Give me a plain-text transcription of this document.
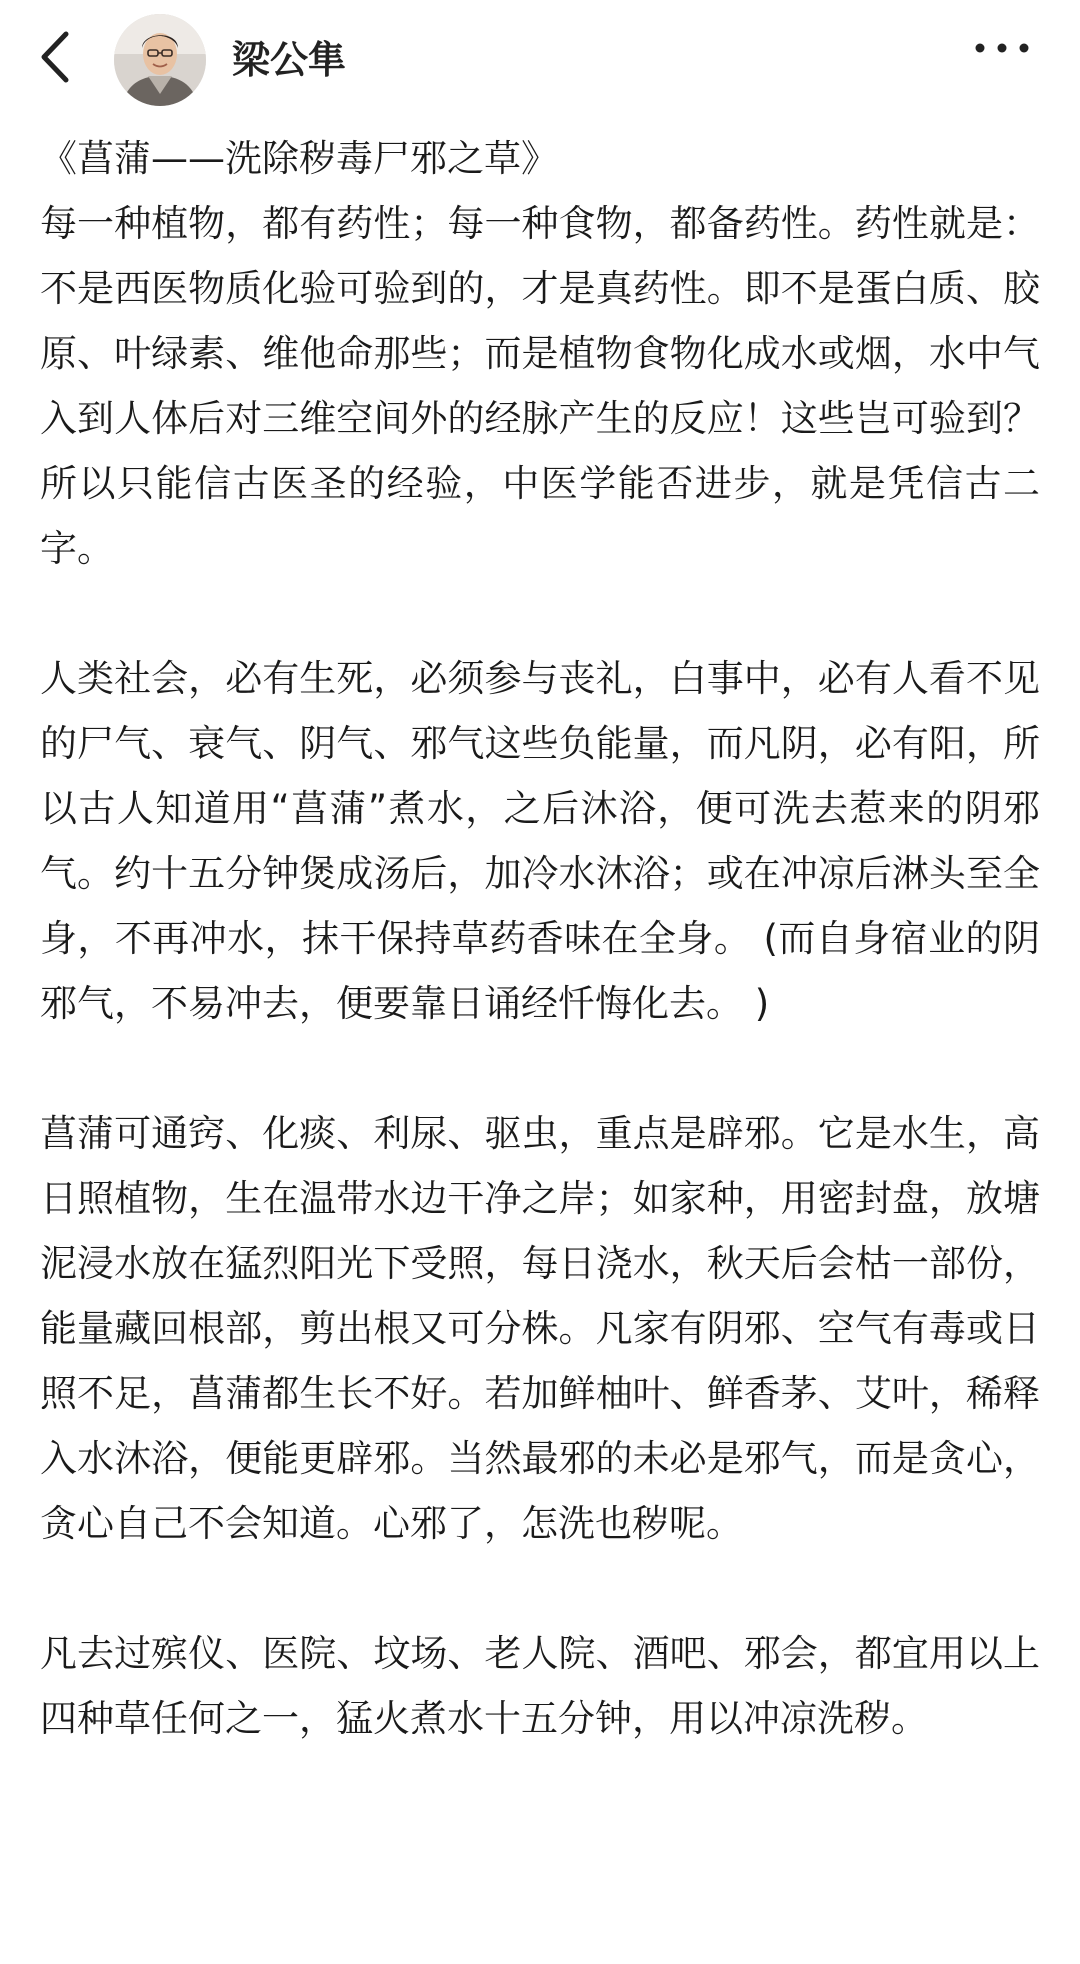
梁公隼
《菖蒲——洗除秽毒尸邪之草》

每一种植物，都有药性；每一种食物，都备药性。药性就是：不是西医物质化验可验到的，才是真药性。即不是蛋白质、胶原、叶绿素、维他命那些；而是植物食物化成水或烟，水中气入到人体后对三维空间外的经脉产生的反应！这些岂可验到？所以只能信古医圣的经验，中医学能否进步，就是凭信古二字。

人类社会，必有生死，必须参与丧礼，白事中，必有人看不见的尸气、衰气、阴气、邪气这些负能量，而凡阴，必有阳，所以古人知道用“菖蒲”煮水，之后沐浴，便可洗去惹来的阴邪气。约十五分钟煲成汤后，加冷水沐浴；或在冲凉后淋头至全身，不再冲水，抹干保持草药香味在全身。 (而自身宿业的阴邪气，不易冲去，便要靠日诵经忏悔化去。 )

菖蒲可通窍、化痰、利尿、驱虫，重点是辟邪。它是水生，高日照植物，生在温带水边干净之岸；如家种，用密封盘，放塘泥浸水放在猛烈阳光下受照，每日浇水，秋天后会枯一部份，能量藏回根部，剪出根又可分株。凡家有阴邪、空气有毒或日照不足，菖蒲都生长不好。若加鲜柚叶、鲜香茅、艾叶，稀释入水沐浴，便能更辟邪。当然最邪的未必是邪气，而是贪心，贪心自己不会知道。心邪了，怎洗也秽呢。

凡去过殡仪、医院、坟场、老人院、酒吧、邪会，都宜用以上四种草任何之一，猛火煮水十五分钟，用以冲凉洗秽。
